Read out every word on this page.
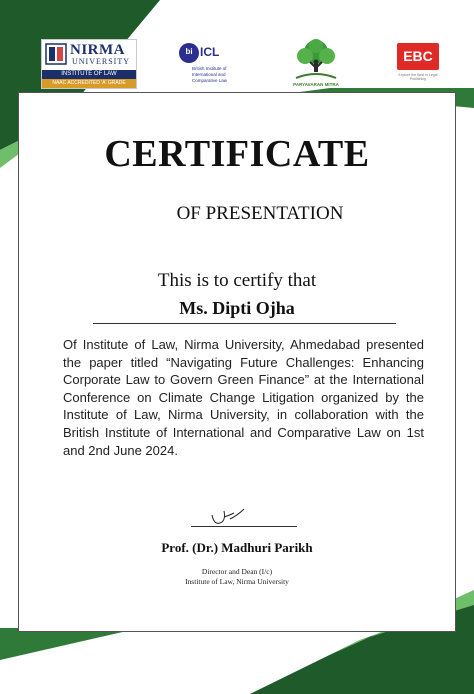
NIRMA
UNIVERSITY
INSTITUTE OF LAW
NAAC ACCREDITED 'A' GRADE
bi ICL
British Institute of International and Comparative Law
PARYAVARAN MITRA
EBC
Explore the Best in Legal Publishing
CERTIFICATE
OF PRESENTATION
This is to certify that
Ms. Dipti Ojha
Of Institute of Law, Nirma University, Ahmedabad presented the paper titled “Navigating Future Challenges: Enhancing Corporate Law to Govern Green Finance” at the International Conference on Climate Change Litigation organized by the Institute of Law, Nirma University, in collaboration with the British Institute of International and Comparative Law on 1st and 2nd June 2024.
Prof. (Dr.) Madhuri Parikh
Director and Dean (I/c)
Institute of Law, Nirma University
